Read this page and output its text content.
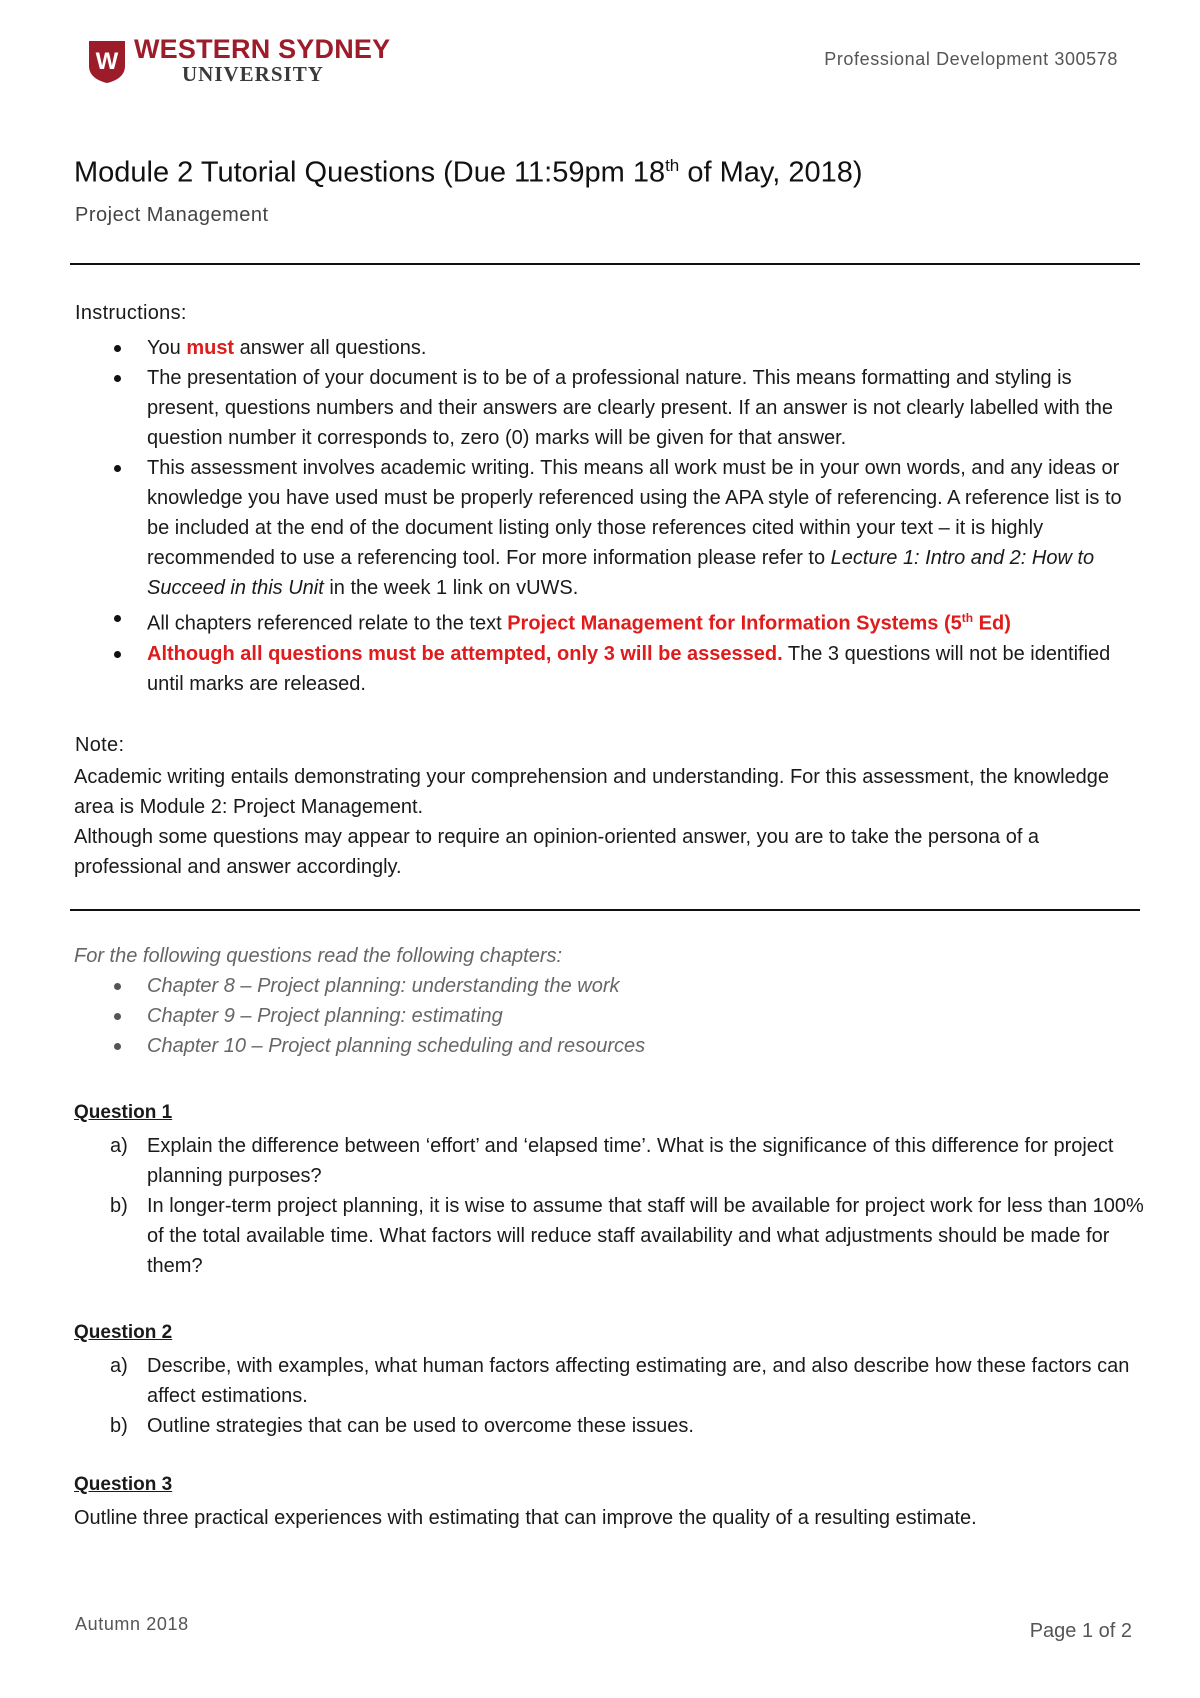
W WESTERN SYDNEY
UNIVERSITY
Professional Development 300578
Module 2 Tutorial Questions (Due 11:59pm 18th of May, 2018)
Project Management
Instructions:
You must answer all questions.
The presentation of your document is to be of a professional nature. This means formatting and styling is present, questions numbers and their answers are clearly present. If an answer is not clearly labelled with the question number it corresponds to, zero (0) marks will be given for that answer.
This assessment involves academic writing. This means all work must be in your own words, and any ideas or knowledge you have used must be properly referenced using the APA style of referencing. A reference list is to be included at the end of the document listing only those references cited within your text – it is highly recommended to use a referencing tool. For more information please refer to Lecture 1: Intro and 2: How to Succeed in this Unit in the week 1 link on vUWS.
All chapters referenced relate to the text Project Management for Information Systems (5th Ed)
Although all questions must be attempted, only 3 will be assessed. The 3 questions will not be identified until marks are released.
Note:
Academic writing entails demonstrating your comprehension and understanding. For this assessment, the knowledge area is Module 2: Project Management.
Although some questions may appear to require an opinion-oriented answer, you are to take the persona of a professional and answer accordingly.
For the following questions read the following chapters:
Chapter 8 – Project planning: understanding the work
Chapter 9 – Project planning: estimating
Chapter 10 – Project planning scheduling and resources
Question 1
a) Explain the difference between ‘effort’ and ‘elapsed time’. What is the significance of this difference for project planning purposes?
b) In longer-term project planning, it is wise to assume that staff will be available for project work for less than 100% of the total available time. What factors will reduce staff availability and what adjustments should be made for them?
Question 2
a) Describe, with examples, what human factors affecting estimating are, and also describe how these factors can affect estimations.
b) Outline strategies that can be used to overcome these issues.
Question 3
Outline three practical experiences with estimating that can improve the quality of a resulting estimate.
Autumn 2018	Page 1 of 2
